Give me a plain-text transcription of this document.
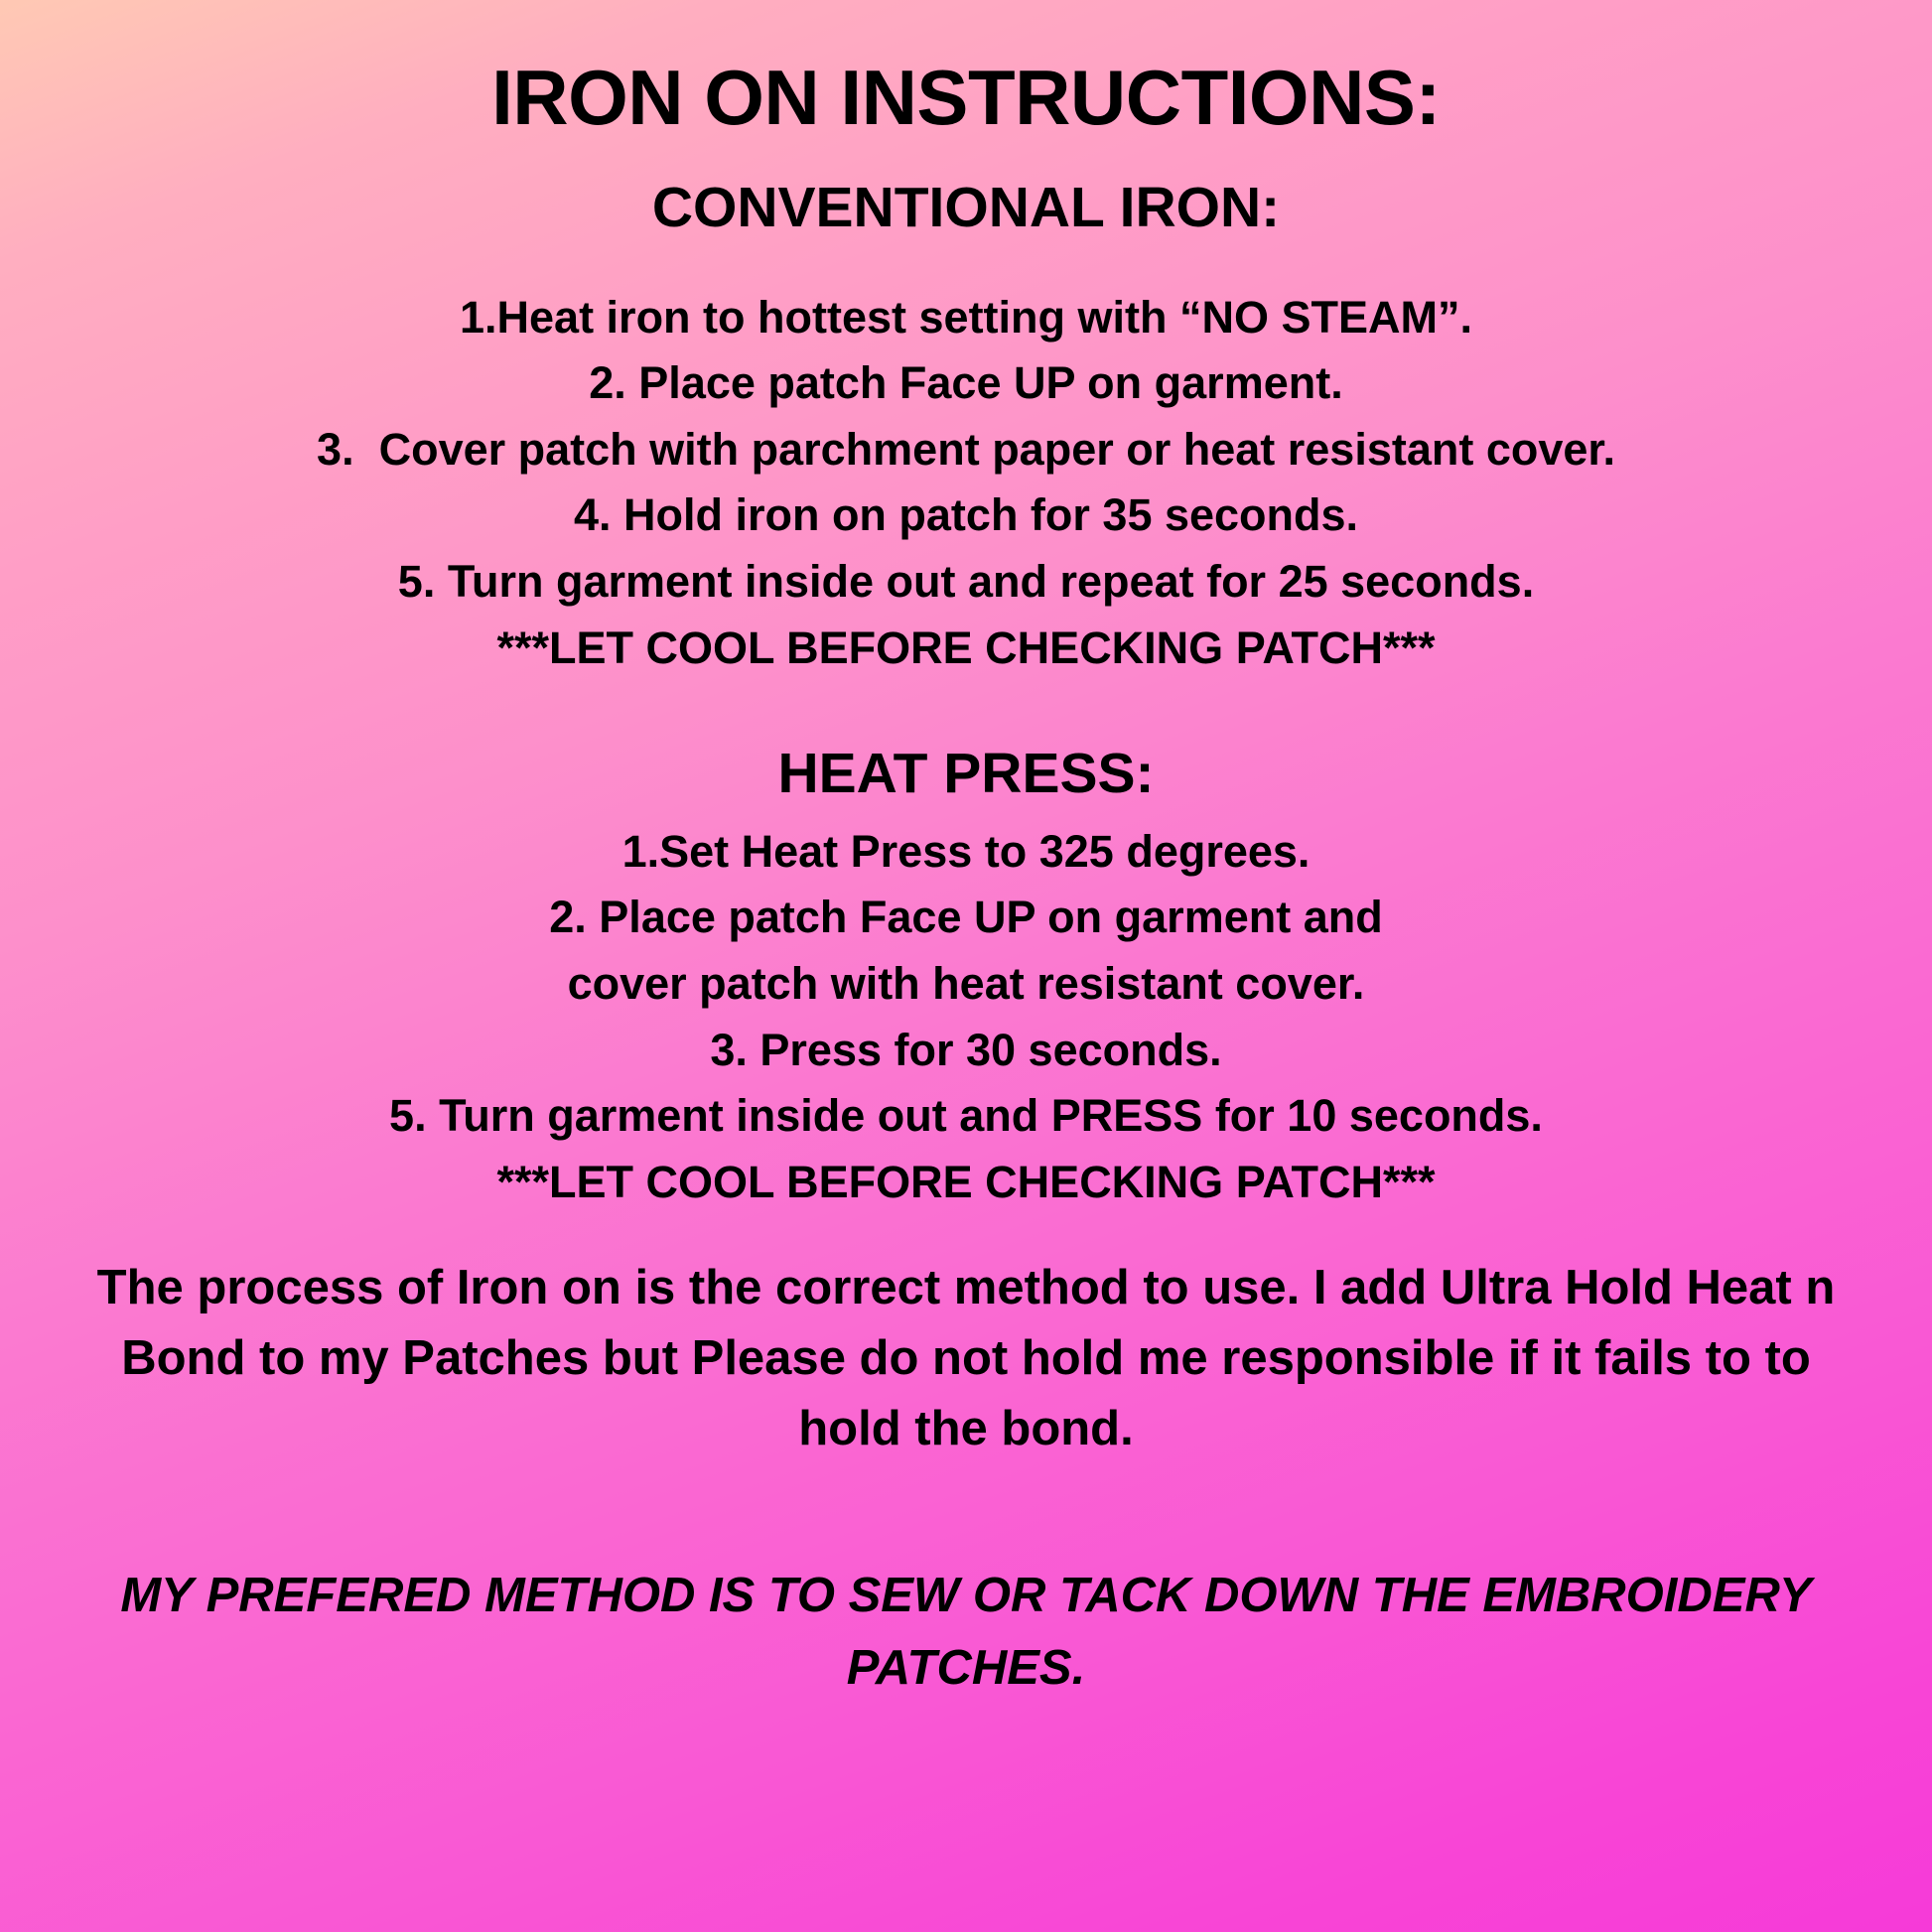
IRON ON INSTRUCTIONS:
CONVENTIONAL IRON:
1.Heat iron to hottest setting with “NO STEAM”.
2. Place patch Face UP on garment.
3.  Cover patch with parchment paper or heat resistant cover.
4. Hold iron on patch for 35 seconds.
5. Turn garment inside out and repeat for 25 seconds.
***LET COOL BEFORE CHECKING PATCH***
HEAT PRESS:
1.Set Heat Press to 325 degrees.
2. Place patch Face UP on garment and
cover patch with heat resistant cover.
3. Press for 30 seconds.
5. Turn garment inside out and PRESS for 10 seconds.
***LET COOL BEFORE CHECKING PATCH***

The process of Iron on is the correct method to use. I add Ultra Hold Heat n Bond to my Patches but Please do not hold me responsible if it fails to to hold the bond.

MY PREFERED METHOD IS TO SEW OR TACK DOWN THE EMBROIDERY PATCHES.
